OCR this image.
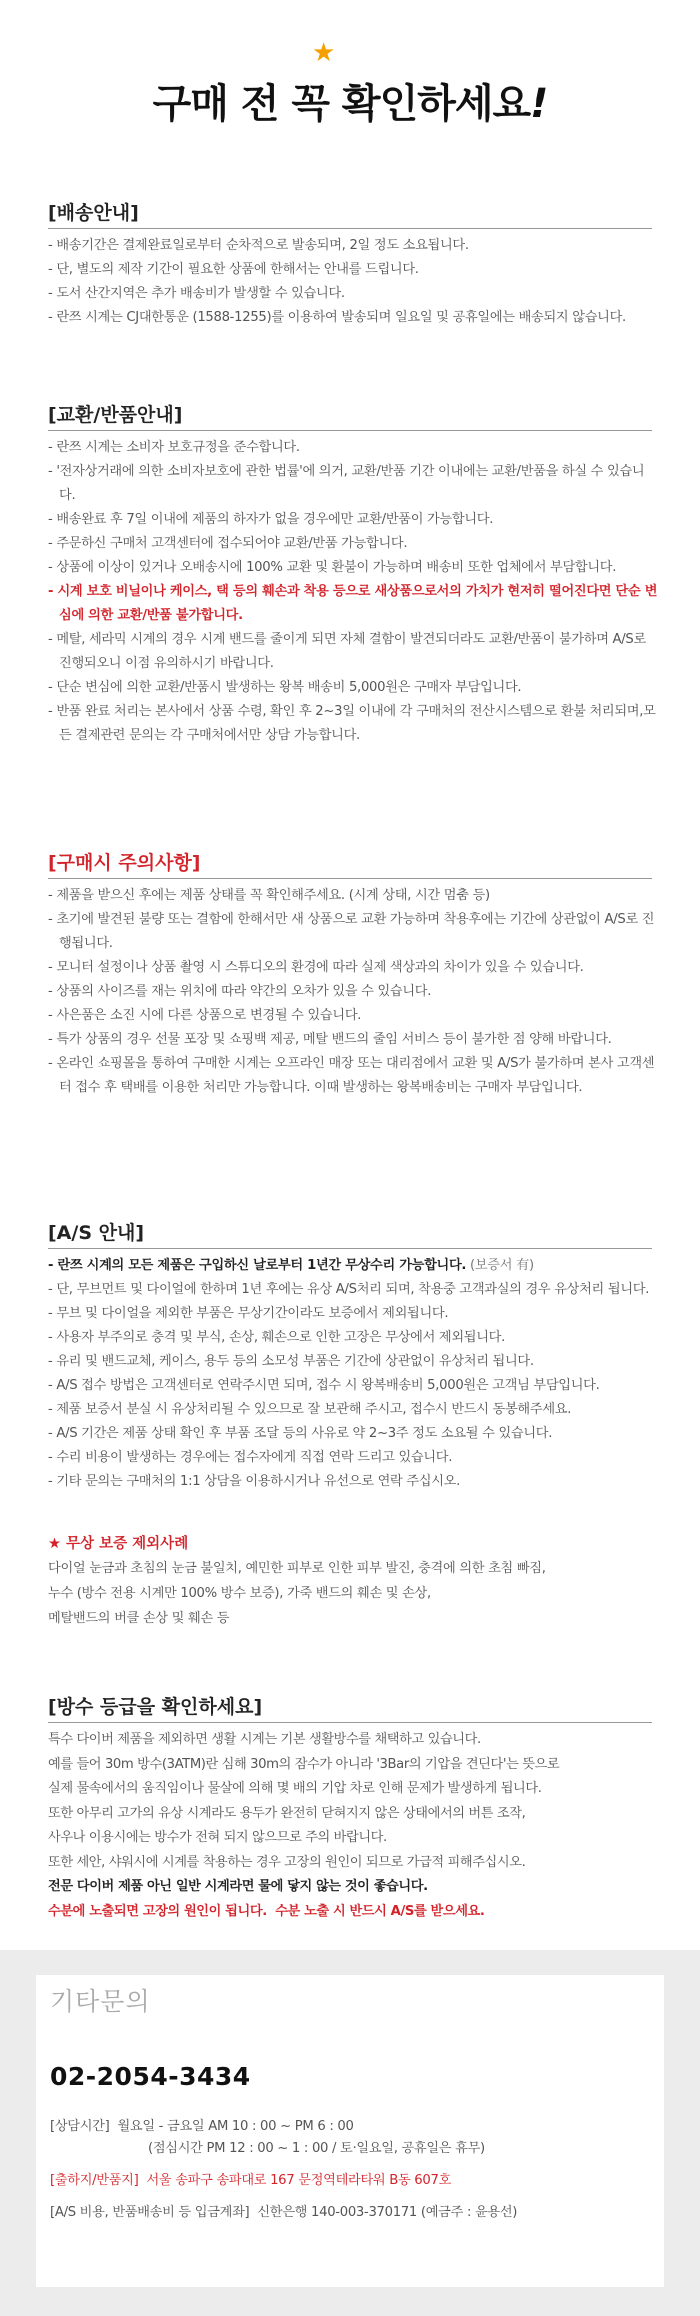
★
구매 전 꼭 확인하세요!
[배송안내]
- 배송기간은 결제완료일로부터 순차적으로 발송되며, 2일 정도 소요됩니다.
- 단, 별도의 제작 기간이 필요한 상품에 한해서는 안내를 드립니다.
- 도서 산간지역은 추가 배송비가 발생할 수 있습니다.
- 란쯔 시계는 CJ대한통운 (1588-1255)를 이용하여 발송되며 일요일 및 공휴일에는 배송되지 않습니다.
[교환/반품안내]
- 란쯔 시계는 소비자 보호규정을 준수합니다.
- '전자상거래에 의한 소비자보호에 관한 법률'에 의거, 교환/반품 기간 이내에는 교환/반품을 하실 수 있습니다.
- 배송완료 후 7일 이내에 제품의 하자가 없을 경우에만 교환/반품이 가능합니다.
- 주문하신 구매처 고객센터에 접수되어야 교환/반품 가능합니다.
- 상품에 이상이 있거나 오배송시에 100% 교환 및 환불이 가능하며 배송비 또한 업체에서 부담합니다.
- 시계 보호 비닐이나 케이스, 택 등의 훼손과 착용 등으로 새상품으로서의 가치가 현저히 떨어진다면 단순 변심에 의한 교환/반품 불가합니다.
- 메탈, 세라믹 시계의 경우 시계 밴드를 줄이게 되면 자체 결함이 발견되더라도 교환/반품이 불가하며 A/S로 진행되오니 이점 유의하시기 바랍니다.
- 단순 변심에 의한 교환/반품시 발생하는 왕복 배송비 5,000원은 구매자 부담입니다.
- 반품 완료 처리는 본사에서 상품 수령, 확인 후 2~3일 이내에 각 구매처의 전산시스템으로 환불 처리되며,모든 결제관련 문의는 각 구매처에서만 상담 가능합니다.
[구매시 주의사항]
- 제품을 받으신 후에는 제품 상태를 꼭 확인해주세요. (시계 상태, 시간 멈춤 등)
- 초기에 발견된 불량 또는 결함에 한해서만 새 상품으로 교환 가능하며 착용후에는 기간에 상관없이 A/S로 진행됩니다.
- 모니터 설정이나 상품 촬영 시 스튜디오의 환경에 따라 실제 색상과의 차이가 있을 수 있습니다.
- 상품의 사이즈를 재는 위치에 따라 약간의 오차가 있을 수 있습니다.
- 사은품은 소진 시에 다른 상품으로 변경될 수 있습니다.
- 특가 상품의 경우 선물 포장 및 쇼핑백 제공, 메탈 밴드의 줄임 서비스 등이 불가한 점 양해 바랍니다.
- 온라인 쇼핑몰을 통하여 구매한 시계는 오프라인 매장 또는 대리점에서 교환 및 A/S가 불가하며 본사 고객센터 접수 후 택배를 이용한 처리만 가능합니다. 이때 발생하는 왕복배송비는 구매자 부담입니다.
[A/S 안내]
- 란쯔 시계의 모든 제품은 구입하신 날로부터 1년간 무상수리 가능합니다. (보증서 有)
- 단, 무브먼트 및 다이얼에 한하며 1년 후에는 유상 A/S처리 되며, 착용중 고객과실의 경우 유상처리 됩니다.
- 무브 및 다이얼을 제외한 부품은 무상기간이라도 보증에서 제외됩니다.
- 사용자 부주의로 충격 및 부식, 손상, 훼손으로 인한 고장은 무상에서 제외됩니다.
- 유리 및 밴드교체, 케이스, 용두 등의 소모성 부품은 기간에 상관없이 유상처리 됩니다.
- A/S 접수 방법은 고객센터로 연락주시면 되며, 접수 시 왕복배송비 5,000원은 고객님 부담입니다.
- 제품 보증서 분실 시 유상처리될 수 있으므로 잘 보관해 주시고, 접수시 반드시 동봉해주세요.
- A/S 기간은 제품 상태 확인 후 부품 조달 등의 사유로 약 2~3주 정도 소요될 수 있습니다.
- 수리 비용이 발생하는 경우에는 접수자에게 직접 연락 드리고 있습니다.
- 기타 문의는 구매처의 1:1 상담을 이용하시거나 유선으로 연락 주십시오.
★ 무상 보증 제외사례
다이얼 눈금과 초침의 눈금 불일치, 예민한 피부로 인한 피부 발진, 충격에 의한 초침 빠짐,
누수 (방수 전용 시계만 100% 방수 보증), 가죽 밴드의 훼손 및 손상,
메탈밴드의 버클 손상 및 훼손 등
[방수 등급을 확인하세요]
특수 다이버 제품을 제외하면 생활 시계는 기본 생활방수를 채택하고 있습니다.
예를 들어 30m 방수(3ATM)란 심해 30m의 잠수가 아니라 '3Bar의 기압을 견딘다'는 뜻으로
실제 물속에서의 움직임이나 물살에 의해 몇 배의 기압 차로 인해 문제가 발생하게 됩니다.
또한 아무리 고가의 유상 시계라도 용두가 완전히 닫혀지지 않은 상태에서의 버튼 조작,
사우나 이용시에는 방수가 전혀 되지 않으므로 주의 바랍니다.
또한 세안, 샤워시에 시계를 착용하는 경우 고장의 원인이 되므로 가급적 피해주십시오.
전문 다이버 제품 아닌 일반 시계라면 물에 닿지 않는 것이 좋습니다.
수분에 노출되면 고장의 원인이 됩니다. 수분 노출 시 반드시 A/S를 받으세요.
기타문의
02-2054-3434
[상담시간] 월요일 - 금요일 AM 10 : 00 ~ PM 6 : 00
(점심시간 PM 12 : 00 ~ 1 : 00 / 토·일요일, 공휴일은 휴무)
[출하지/반품지] 서울 송파구 송파대로 167 문정역테라타워 B동 607호
[A/S 비용, 반품배송비 등 입금계좌] 신한은행 140-003-370171 (예금주 : 윤용선)
